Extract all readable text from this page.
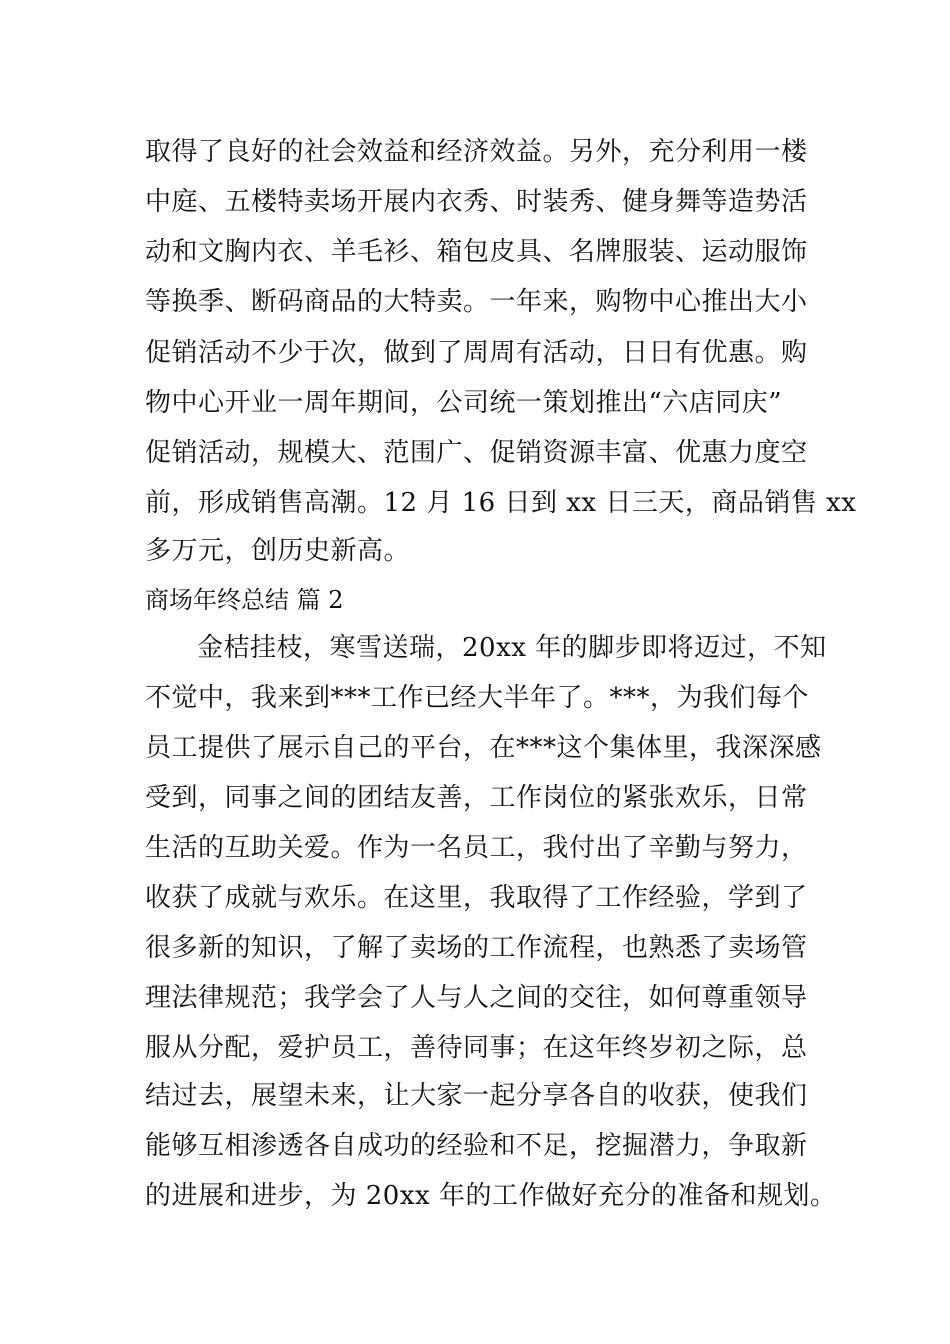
取得了良好的社会效益和经济效益。另外，充分利用一楼
中庭、五楼特卖场开展内衣秀、时装秀、健身舞等造势活
动和文胸内衣、羊毛衫、箱包皮具、名牌服装、运动服饰
等换季、断码商品的大特卖。一年来，购物中心推出大小
促销活动不少于次，做到了周周有活动，日日有优惠。购
物中心开业一周年期间，公司统一策划推出“六店同庆”
促销活动，规模大、范围广、促销资源丰富、优惠力度空
前，形成销售高潮。12 月 16 日到 xx 日三天，商品销售 xx
多万元，创历史新高。
商场年终总结 篇 2
金桔挂枝，寒雪送瑞，20xx 年的脚步即将迈过，不知
不觉中，我来到***工作已经大半年了。***，为我们每个
员工提供了展示自己的平台，在***这个集体里，我深深感
受到，同事之间的团结友善，工作岗位的紧张欢乐，日常
生活的互助关爱。作为一名员工，我付出了辛勤与努力，
收获了成就与欢乐。在这里，我取得了工作经验，学到了
很多新的知识，了解了卖场的工作流程，也熟悉了卖场管
理法律规范；我学会了人与人之间的交往，如何尊重领导
服从分配，爱护员工，善待同事；在这年终岁初之际，总
结过去，展望未来，让大家一起分享各自的收获，使我们
能够互相渗透各自成功的经验和不足，挖掘潜力，争取新
的进展和进步，为 20xx 年的工作做好充分的准备和规划。
